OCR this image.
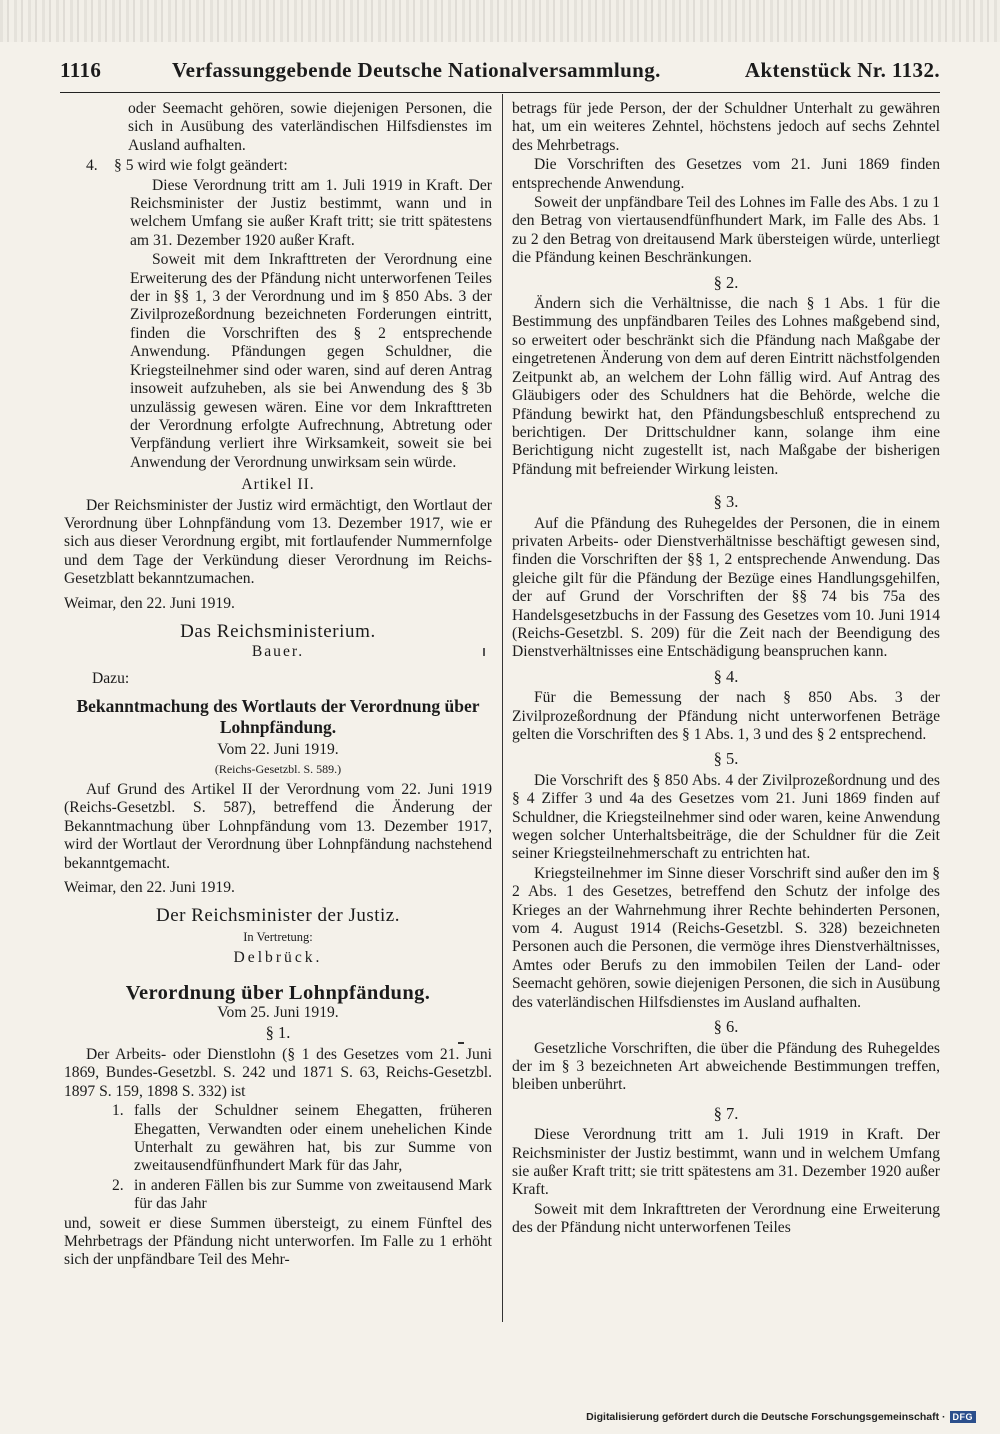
1116	Verfassunggebende Deutsche Nationalversammlung.	Aktenstück Nr. 1132.

oder Seemacht gehören, sowie diejenigen Personen, die sich in Ausübung des vaterländischen Hilfsdienstes im Ausland aufhalten.

4.	§ 5 wird wie folgt geändert:

Diese Verordnung tritt am 1. Juli 1919 in Kraft. Der Reichsminister der Justiz bestimmt, wann und in welchem Umfang sie außer Kraft tritt; sie tritt spätestens am 31. Dezember 1920 außer Kraft.

Soweit mit dem Inkrafttreten der Verordnung eine Erweiterung des der Pfändung nicht unterworfenen Teiles der in §§ 1, 3 der Verordnung und im § 850 Abs. 3 der Zivilprozeßordnung bezeichneten Forderungen eintritt, finden die Vorschriften des § 2 entsprechende Anwendung. Pfändungen gegen Schuldner, die Kriegsteilnehmer sind oder waren, sind auf deren Antrag insoweit aufzuheben, als sie bei Anwendung des § 3b unzulässig gewesen wären. Eine vor dem Inkrafttreten der Verordnung erfolgte Aufrechnung, Abtretung oder Verpfändung verliert ihre Wirksamkeit, soweit sie bei Anwendung der Verordnung unwirksam sein würde.

Artikel II.

Der Reichsminister der Justiz wird ermächtigt, den Wortlaut der Verordnung über Lohnpfändung vom 13. Dezember 1917, wie er sich aus dieser Verordnung ergibt, mit fortlaufender Nummernfolge und dem Tage der Verkündung dieser Verordnung im Reichs-Gesetzblatt bekanntzumachen.

Weimar, den 22. Juni 1919.

Das Reichsministerium.
Bauer.
Dazu:
Bekanntmachung des Wortlauts der Verordnung über Lohnpfändung.
Vom 22. Juni 1919.
(Reichs-Gesetzbl. S. 589.)

Auf Grund des Artikel II der Verordnung vom 22. Juni 1919 (Reichs-Gesetzbl. S. 587), betreffend die Änderung der Bekanntmachung über Lohnpfändung vom 13. Dezember 1917, wird der Wortlaut der Verordnung über Lohnpfändung nachstehend bekanntgemacht.

Weimar, den 22. Juni 1919.

Der Reichsminister der Justiz.
In Vertretung:
Delbrück.
Verordnung über Lohnpfändung.
Vom 25. Juni 1919.
§ 1.

Der Arbeits- oder Dienstlohn (§ 1 des Gesetzes vom 21. Juni 1869, Bundes-Gesetzbl. S. 242 und 1871 S. 63, Reichs-Gesetzbl. 1897 S. 159, 1898 S. 332) ist

1. falls der Schuldner seinem Ehegatten, früheren Ehegatten, Verwandten oder einem unehelichen Kinde Unterhalt zu gewähren hat, bis zur Summe von zweitausendfünfhundert Mark für das Jahr,
2. in anderen Fällen bis zur Summe von zweitausend Mark für das Jahr

und, soweit er diese Summen übersteigt, zu einem Fünftel des Mehrbetrags der Pfändung nicht unterworfen. Im Falle zu 1 erhöht sich der unpfändbare Teil des Mehr-

betrags für jede Person, der der Schuldner Unterhalt zu gewähren hat, um ein weiteres Zehntel, höchstens jedoch auf sechs Zehntel des Mehrbetrags.

Die Vorschriften des Gesetzes vom 21. Juni 1869 finden entsprechende Anwendung.

Soweit der unpfändbare Teil des Lohnes im Falle des Abs. 1 zu 1 den Betrag von viertausendfünfhundert Mark, im Falle des Abs. 1 zu 2 den Betrag von dreitausend Mark übersteigen würde, unterliegt die Pfändung keinen Beschränkungen.

§ 2.

Ändern sich die Verhältnisse, die nach § 1 Abs. 1 für die Bestimmung des unpfändbaren Teiles des Lohnes maßgebend sind, so erweitert oder beschränkt sich die Pfändung nach Maßgabe der eingetretenen Änderung von dem auf deren Eintritt nächstfolgenden Zeitpunkt ab, an welchem der Lohn fällig wird. Auf Antrag des Gläubigers oder des Schuldners hat die Behörde, welche die Pfändung bewirkt hat, den Pfändungsbeschluß entsprechend zu berichtigen. Der Drittschuldner kann, solange ihm eine Berichtigung nicht zugestellt ist, nach Maßgabe der bisherigen Pfändung mit befreiender Wirkung leisten.

§ 3.

Auf die Pfändung des Ruhegeldes der Personen, die in einem privaten Arbeits- oder Dienstverhältnisse beschäftigt gewesen sind, finden die Vorschriften der §§ 1, 2 entsprechende Anwendung. Das gleiche gilt für die Pfändung der Bezüge eines Handlungsgehilfen, der auf Grund der Vorschriften der §§ 74 bis 75a des Handelsgesetzbuchs in der Fassung des Gesetzes vom 10. Juni 1914 (Reichs-Gesetzbl. S. 209) für die Zeit nach der Beendigung des Dienstverhältnisses eine Entschädigung beanspruchen kann.

§ 4.

Für die Bemessung der nach § 850 Abs. 3 der Zivilprozeßordnung der Pfändung nicht unterworfenen Beträge gelten die Vorschriften des § 1 Abs. 1, 3 und des § 2 entsprechend.

§ 5.

Die Vorschrift des § 850 Abs. 4 der Zivilprozeßordnung und des § 4 Ziffer 3 und 4a des Gesetzes vom 21. Juni 1869 finden auf Schuldner, die Kriegsteilnehmer sind oder waren, keine Anwendung wegen solcher Unterhaltsbeiträge, die der Schuldner für die Zeit seiner Kriegsteilnehmerschaft zu entrichten hat.

Kriegsteilnehmer im Sinne dieser Vorschrift sind außer den im § 2 Abs. 1 des Gesetzes, betreffend den Schutz der infolge des Krieges an der Wahrnehmung ihrer Rechte behinderten Personen, vom 4. August 1914 (Reichs-Gesetzbl. S. 328) bezeichneten Personen auch die Personen, die vermöge ihres Dienstverhältnisses, Amtes oder Berufs zu den immobilen Teilen der Land- oder Seemacht gehören, sowie diejenigen Personen, die sich in Ausübung des vaterländischen Hilfsdienstes im Ausland aufhalten.

§ 6.

Gesetzliche Vorschriften, die über die Pfändung des Ruhegeldes der im § 3 bezeichneten Art abweichende Bestimmungen treffen, bleiben unberührt.

§ 7.

Diese Verordnung tritt am 1. Juli 1919 in Kraft. Der Reichsminister der Justiz bestimmt, wann und in welchem Umfang sie außer Kraft tritt; sie tritt spätestens am 31. Dezember 1920 außer Kraft.

Soweit mit dem Inkrafttreten der Verordnung eine Erweiterung des der Pfändung nicht unterworfenen Teiles

Digitalisierung gefördert durch die Deutsche Forschungsgemeinschaft · DFG
